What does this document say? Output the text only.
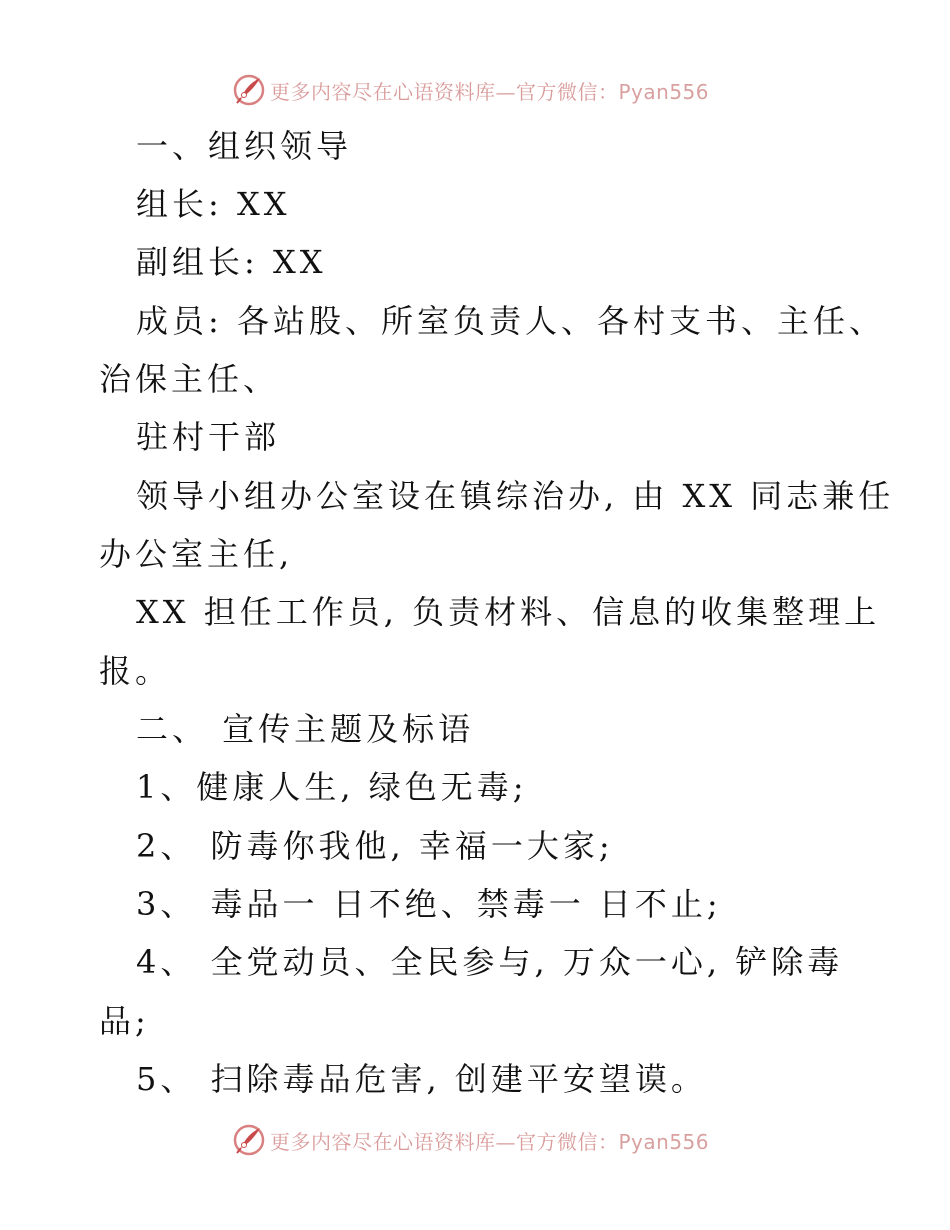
更多内容尽在心语资料库—官方微信：Pyan556
一、组织领导
组长: XX
副组长: XX
成员: 各站股、所室负责人、各村支书、主任、
治保主任、
驻村干部
领导小组办公室设在镇综治办, 由 XX 同志兼任
办公室主任,
XX 担任工作员, 负责材料、信息的收集整理上
报。
二、 宣传主题及标语
1、健康人生, 绿色无毒;
2、 防毒你我他, 幸福一大家;
3、 毒品一 日不绝、禁毒一 日不止;
4、 全党动员、全民参与, 万众一心, 铲除毒
品;
5、 扫除毒品危害, 创建平安望谟。
更多内容尽在心语资料库—官方微信：Pyan556
